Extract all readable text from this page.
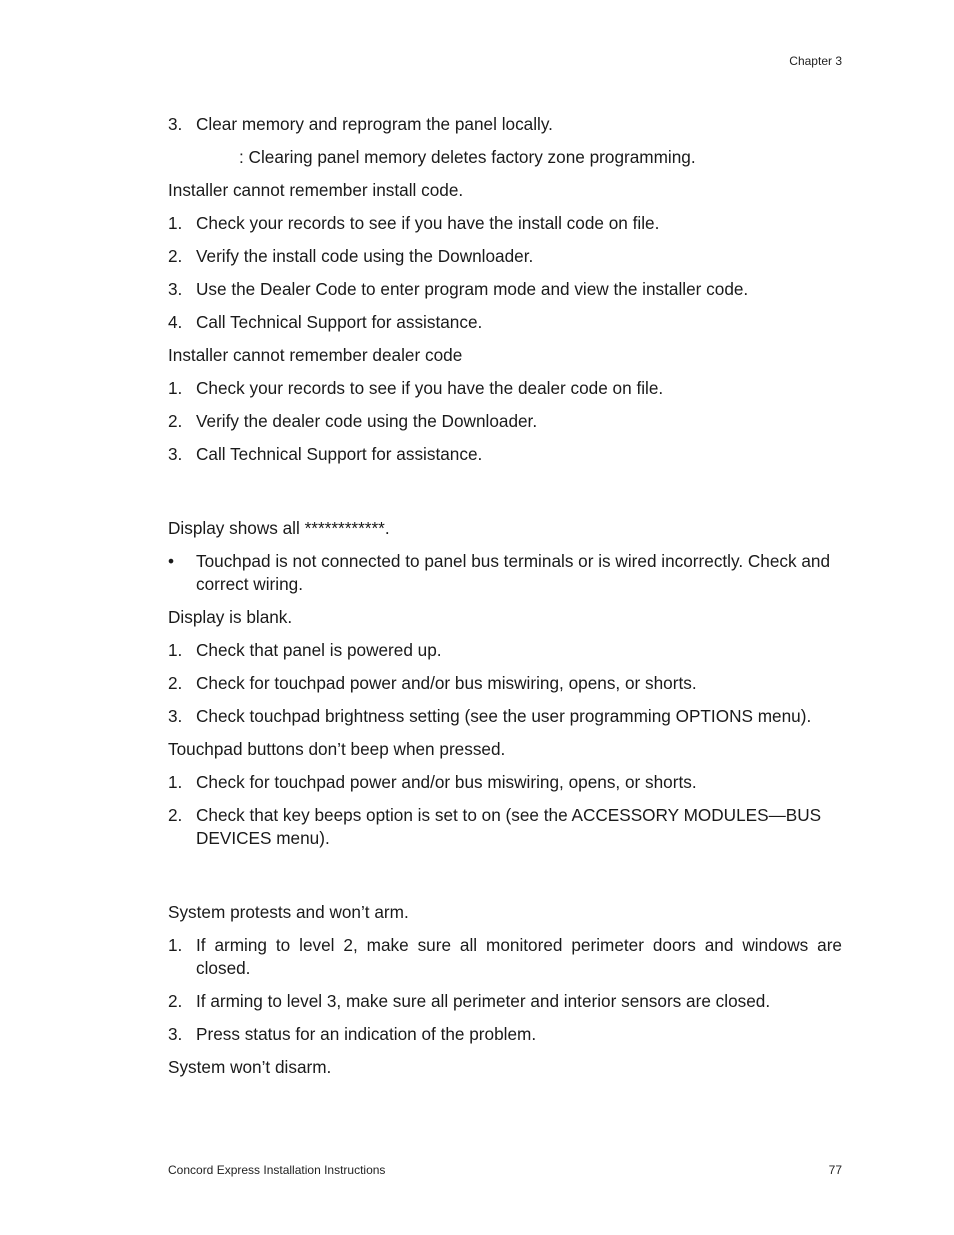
Chapter 3
3. Clear memory and reprogram the panel locally.
: Clearing panel memory deletes factory zone programming.
Installer cannot remember install code.
1. Check your records to see if you have the install code on file.
2. Verify the install code using the Downloader.
3. Use the Dealer Code to enter program mode and view the installer code.
4. Call Technical Support for assistance.
Installer cannot remember dealer code
1. Check your records to see if you have the dealer code on file.
2. Verify the dealer code using the Downloader.
3. Call Technical Support for assistance.
Display shows all ************.
•	Touchpad is not connected to panel bus terminals or is wired incorrectly. Check and correct wiring.
Display is blank.
1. Check that panel is powered up.
2. Check for touchpad power and/or bus miswiring, opens, or shorts.
3. Check touchpad brightness setting (see the user programming OPTIONS menu).
Touchpad buttons don’t beep when pressed.
1. Check for touchpad power and/or bus miswiring, opens, or shorts.
2. Check that key beeps option is set to on (see the ACCESSORY MODULES—BUS DEVICES menu).
System protests and won’t arm.
1. If arming to level 2, make sure all monitored perimeter doors and windows are closed.
2. If arming to level 3, make sure all perimeter and interior sensors are closed.
3. Press status for an indication of the problem.
System won’t disarm.
Concord Express Installation Instructions	77
